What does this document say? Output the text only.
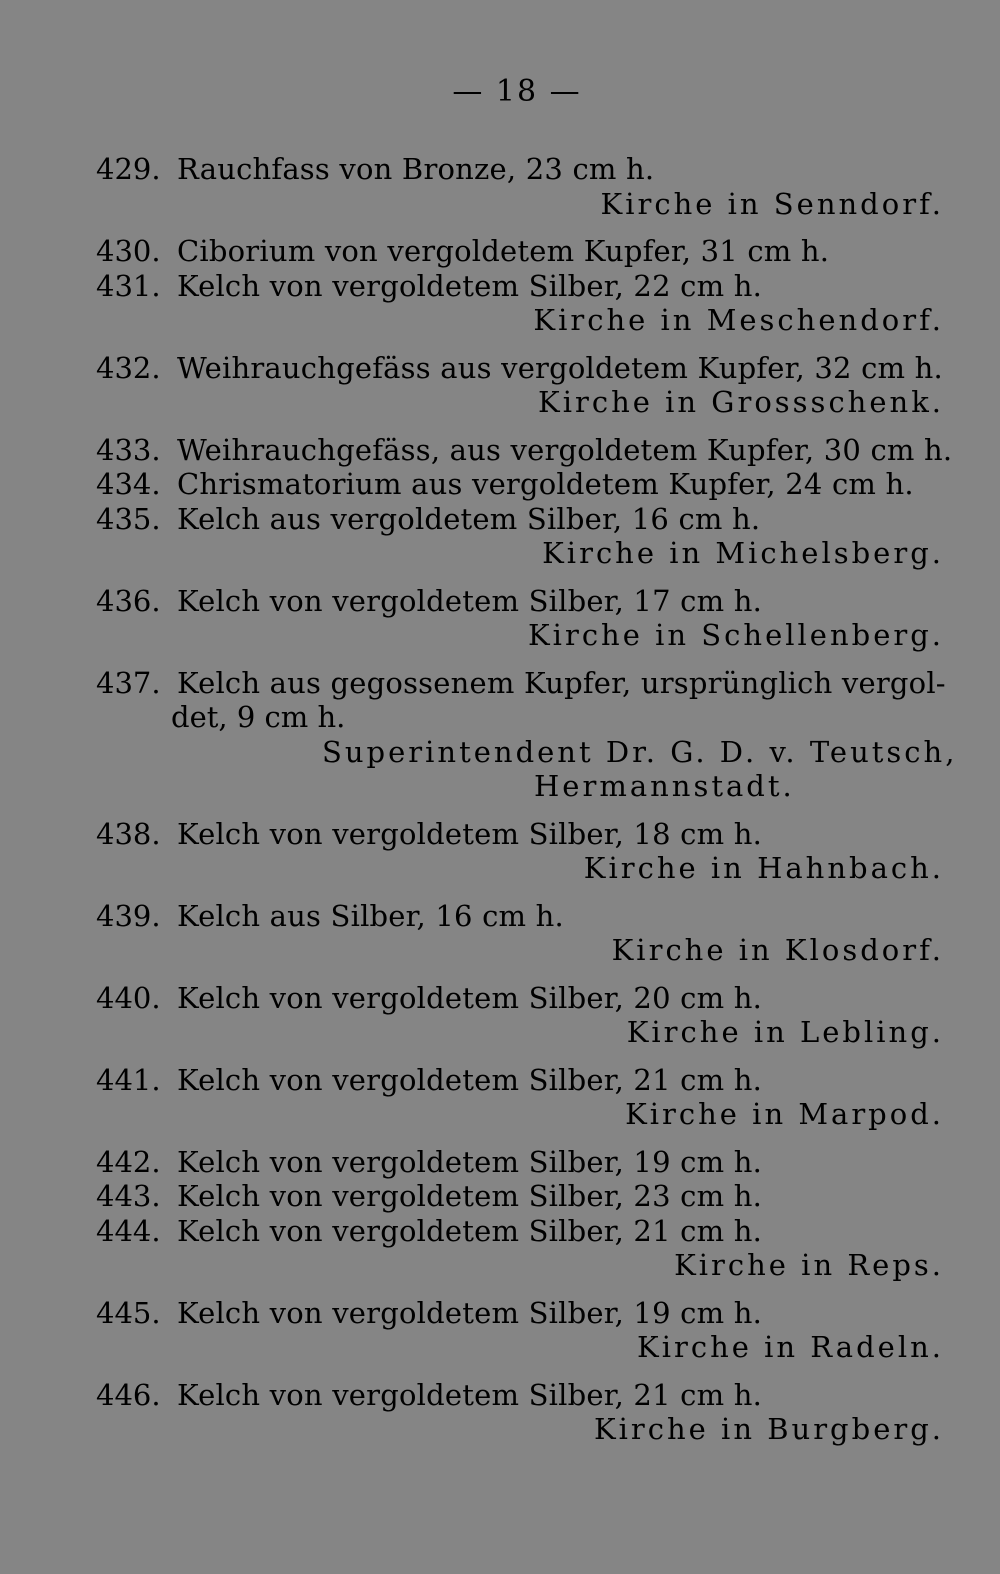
— 18 —
429. Rauchfass von Bronze, 23 cm h.
Kirche in Senndorf.
430. Ciborium von vergoldetem Kupfer, 31 cm h.
431. Kelch von vergoldetem Silber, 22 cm h.
Kirche in Meschendorf.
432. Weihrauchgefäss aus vergoldetem Kupfer, 32 cm h.
Kirche in Grossschenk.
433. Weihrauchgefäss, aus vergoldetem Kupfer, 30 cm h.
434. Chrismatorium aus vergoldetem Kupfer, 24 cm h.
435. Kelch aus vergoldetem Silber, 16 cm h.
Kirche in Michelsberg.
436. Kelch von vergoldetem Silber, 17 cm h.
Kirche in Schellenberg.
437. Kelch aus gegossenem Kupfer, ursprünglich vergol-
det, 9 cm h.
Superintendent Dr. G. D. v. Teutsch,
Hermannstadt.
438. Kelch von vergoldetem Silber, 18 cm h.
Kirche in Hahnbach.
439. Kelch aus Silber, 16 cm h.
Kirche in Klosdorf.
440. Kelch von vergoldetem Silber, 20 cm h.
Kirche in Lebling.
441. Kelch von vergoldetem Silber, 21 cm h.
Kirche in Marpod.
442. Kelch von vergoldetem Silber, 19 cm h.
443. Kelch von vergoldetem Silber, 23 cm h.
444. Kelch von vergoldetem Silber, 21 cm h.
Kirche in Reps.
445. Kelch von vergoldetem Silber, 19 cm h.
Kirche in Radeln.
446. Kelch von vergoldetem Silber, 21 cm h.
Kirche in Burgberg.
